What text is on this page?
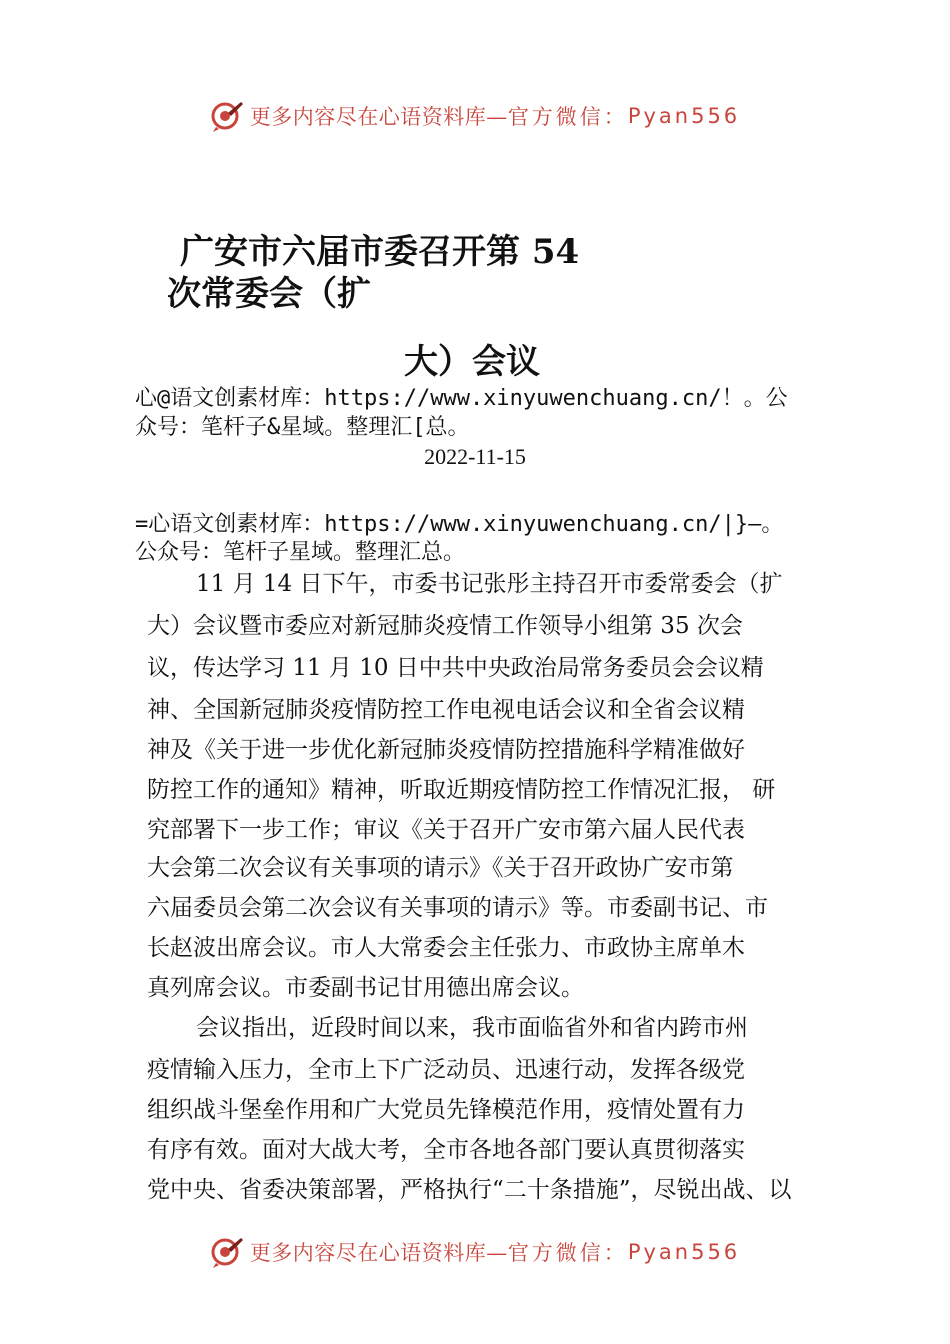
更多内容尽在心语资料库— 官方微信： Pyan556
广安市六届市委召开第 54
次常委会（扩
大）会议
心@语文创素材库：https://www.xinyuwenchuang.cn/！。公
众号：笔杆子&星域。整理汇[总。
2022-11-15
=心语文创素材库：https://www.xinyuwenchuang.cn/|}—。
公众号：笔杆子星域。整理汇总。
11 月 14 日下午，市委书记张彤主持召开市委常委会（扩
大）会议暨市委应对新冠肺炎疫情工作领导小组第 35 次会
议，传达学习 11 月 10 日中共中央政治局常务委员会会议精
神、全国新冠肺炎疫情防控工作电视电话会议和全省会议精
神及《关于进一步优化新冠肺炎疫情防控措施科学精准做好
防控工作的通知》精神，听取近期疫情防控工作情况汇报， 研
究部署下一步工作；审议《关于召开广安市第六届人民代表
大会第二次会议有关事项的请示》《关于召开政协广安市第
六届委员会第二次会议有关事项的请示》等。市委副书记、市
长赵波出席会议。市人大常委会主任张力、市政协主席单木
真列席会议。市委副书记甘用德出席会议。
会议指出，近段时间以来，我市面临省外和省内跨市州
疫情输入压力，全市上下广泛动员、迅速行动，发挥各级党
组织战斗堡垒作用和广大党员先锋模范作用，疫情处置有力
有序有效。面对大战大考，全市各地各部门要认真贯彻落实
党中央、省委决策部署，严格执行“二十条措施”，尽锐出战、以
更多内容尽在心语资料库— 官方微信： Pyan556
